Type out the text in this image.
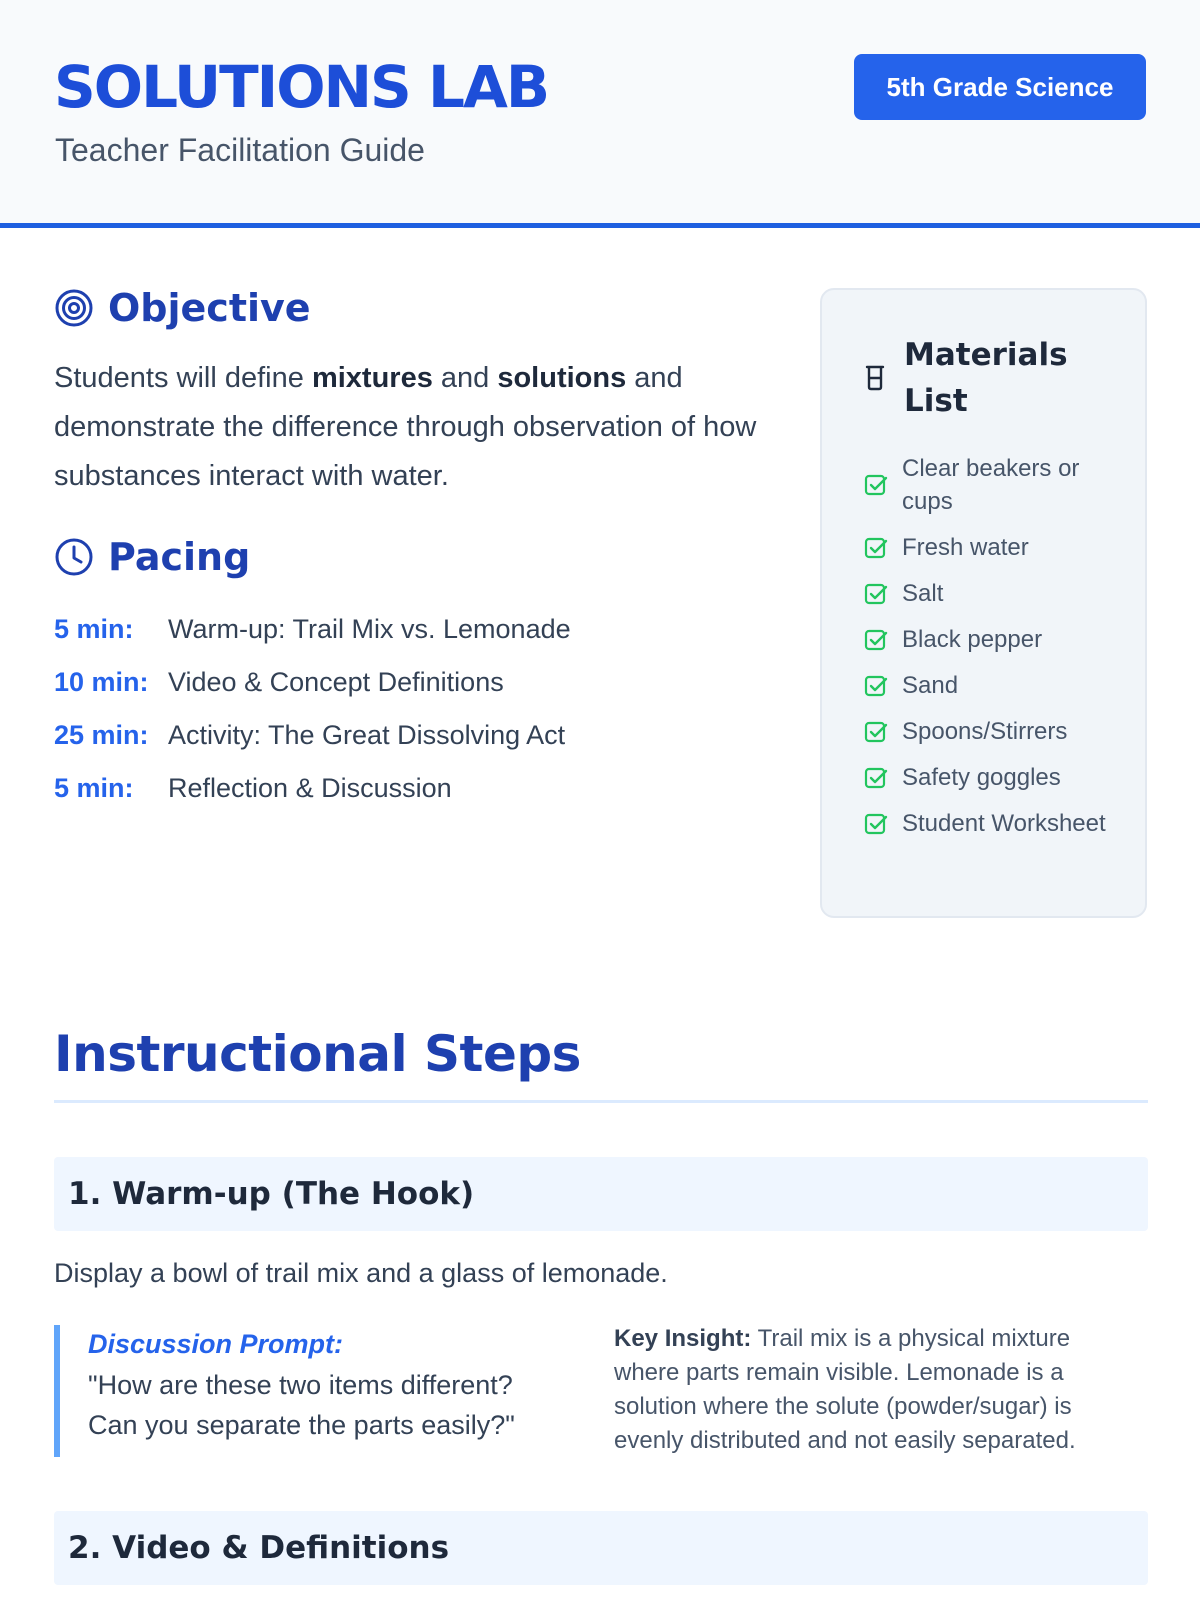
SOLUTIONS LAB
Teacher Facilitation Guide
5th Grade Science
Objective
Students will define mixtures and solutions and demonstrate the difference through observation of how substances interact with water.
Pacing
5 min:	Warm-up: Trail Mix vs. Lemonade
10 min: Video & Concept Definitions
25 min: Activity: The Great Dissolving Act
5 min:	Reflection & Discussion
Materials List
Clear beakers or cups
Fresh water
Salt
Black pepper
Sand
Spoons/Stirrers
Safety goggles
Student Worksheet
Instructional Steps
1. Warm-up (The Hook)
Display a bowl of trail mix and a glass of lemonade.
Discussion Prompt:
"How are these two items different? Can you separate the parts easily?"
Key Insight: Trail mix is a physical mixture where parts remain visible. Lemonade is a solution where the solute (powder/sugar) is evenly distributed and not easily separated.
2. Video & Definitions
